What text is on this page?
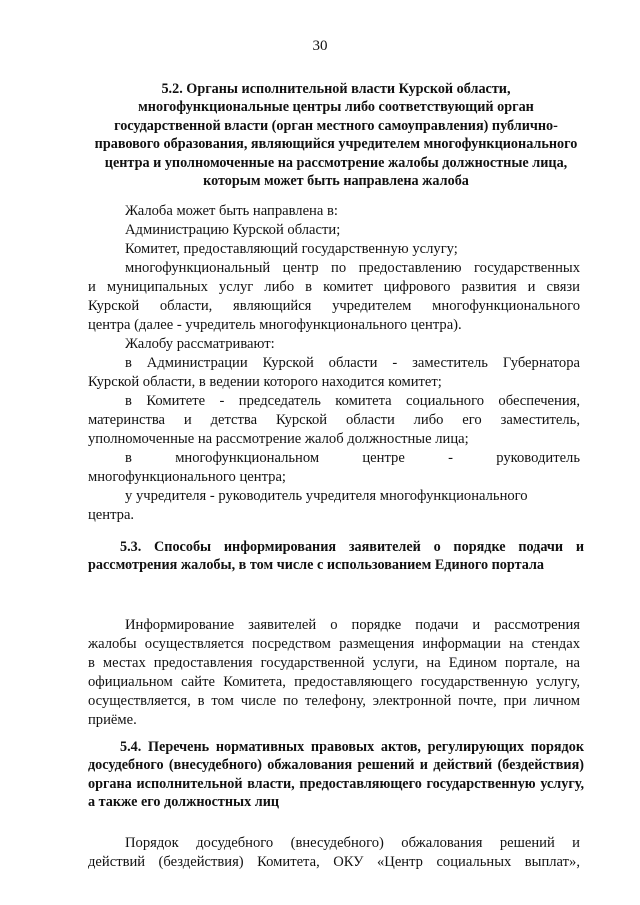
30
5.2. Органы исполнительной власти Курской области, многофункциональные центры либо соответствующий орган государственной власти (орган местного самоуправления) публично-правового образования, являющийся учредителем многофункционального центра и уполномоченные на рассмотрение жалобы должностные лица, которым может быть направлена жалоба
Жалоба может быть направлена в:
Администрацию Курской области;
Комитет, предоставляющий государственную услугу;
многофункциональный центр по предоставлению государственных
и муниципальных услуг либо в комитет цифрового развития и связи
Курской области, являющийся учредителем многофункционального
центра (далее - учредитель многофункционального центра).
Жалобу рассматривают:
в Администрации Курской области - заместитель Губернатора
Курской области, в ведении которого находится комитет;
в Комитете - председатель комитета социального обеспечения,
материнства и детства Курской области либо его заместитель,
уполномоченные на рассмотрение жалоб должностные лица;
в многофункциональном центре - руководитель
многофункционального центра;
у учредителя - руководитель учредителя многофункционального
центра.
5.3. Способы информирования заявителей о порядке подачи и рассмотрения жалобы, в том числе с использованием Единого портала
Информирование заявителей о порядке подачи и рассмотрения
жалобы осуществляется посредством размещения информации на стендах
в местах предоставления государственной услуги, на Едином портале, на
официальном сайте Комитета, предоставляющего государственную услугу,
осуществляется, в том числе по телефону, электронной почте, при личном
приёме.
5.4. Перечень нормативных правовых актов, регулирующих порядок досудебного (внесудебного) обжалования решений и действий (бездействия) органа исполнительной власти, предоставляющего государственную услугу, а также его должностных лиц
Порядок досудебного (внесудебного) обжалования решений и
действий (бездействия) Комитета, ОКУ «Центр социальных выплат»,
